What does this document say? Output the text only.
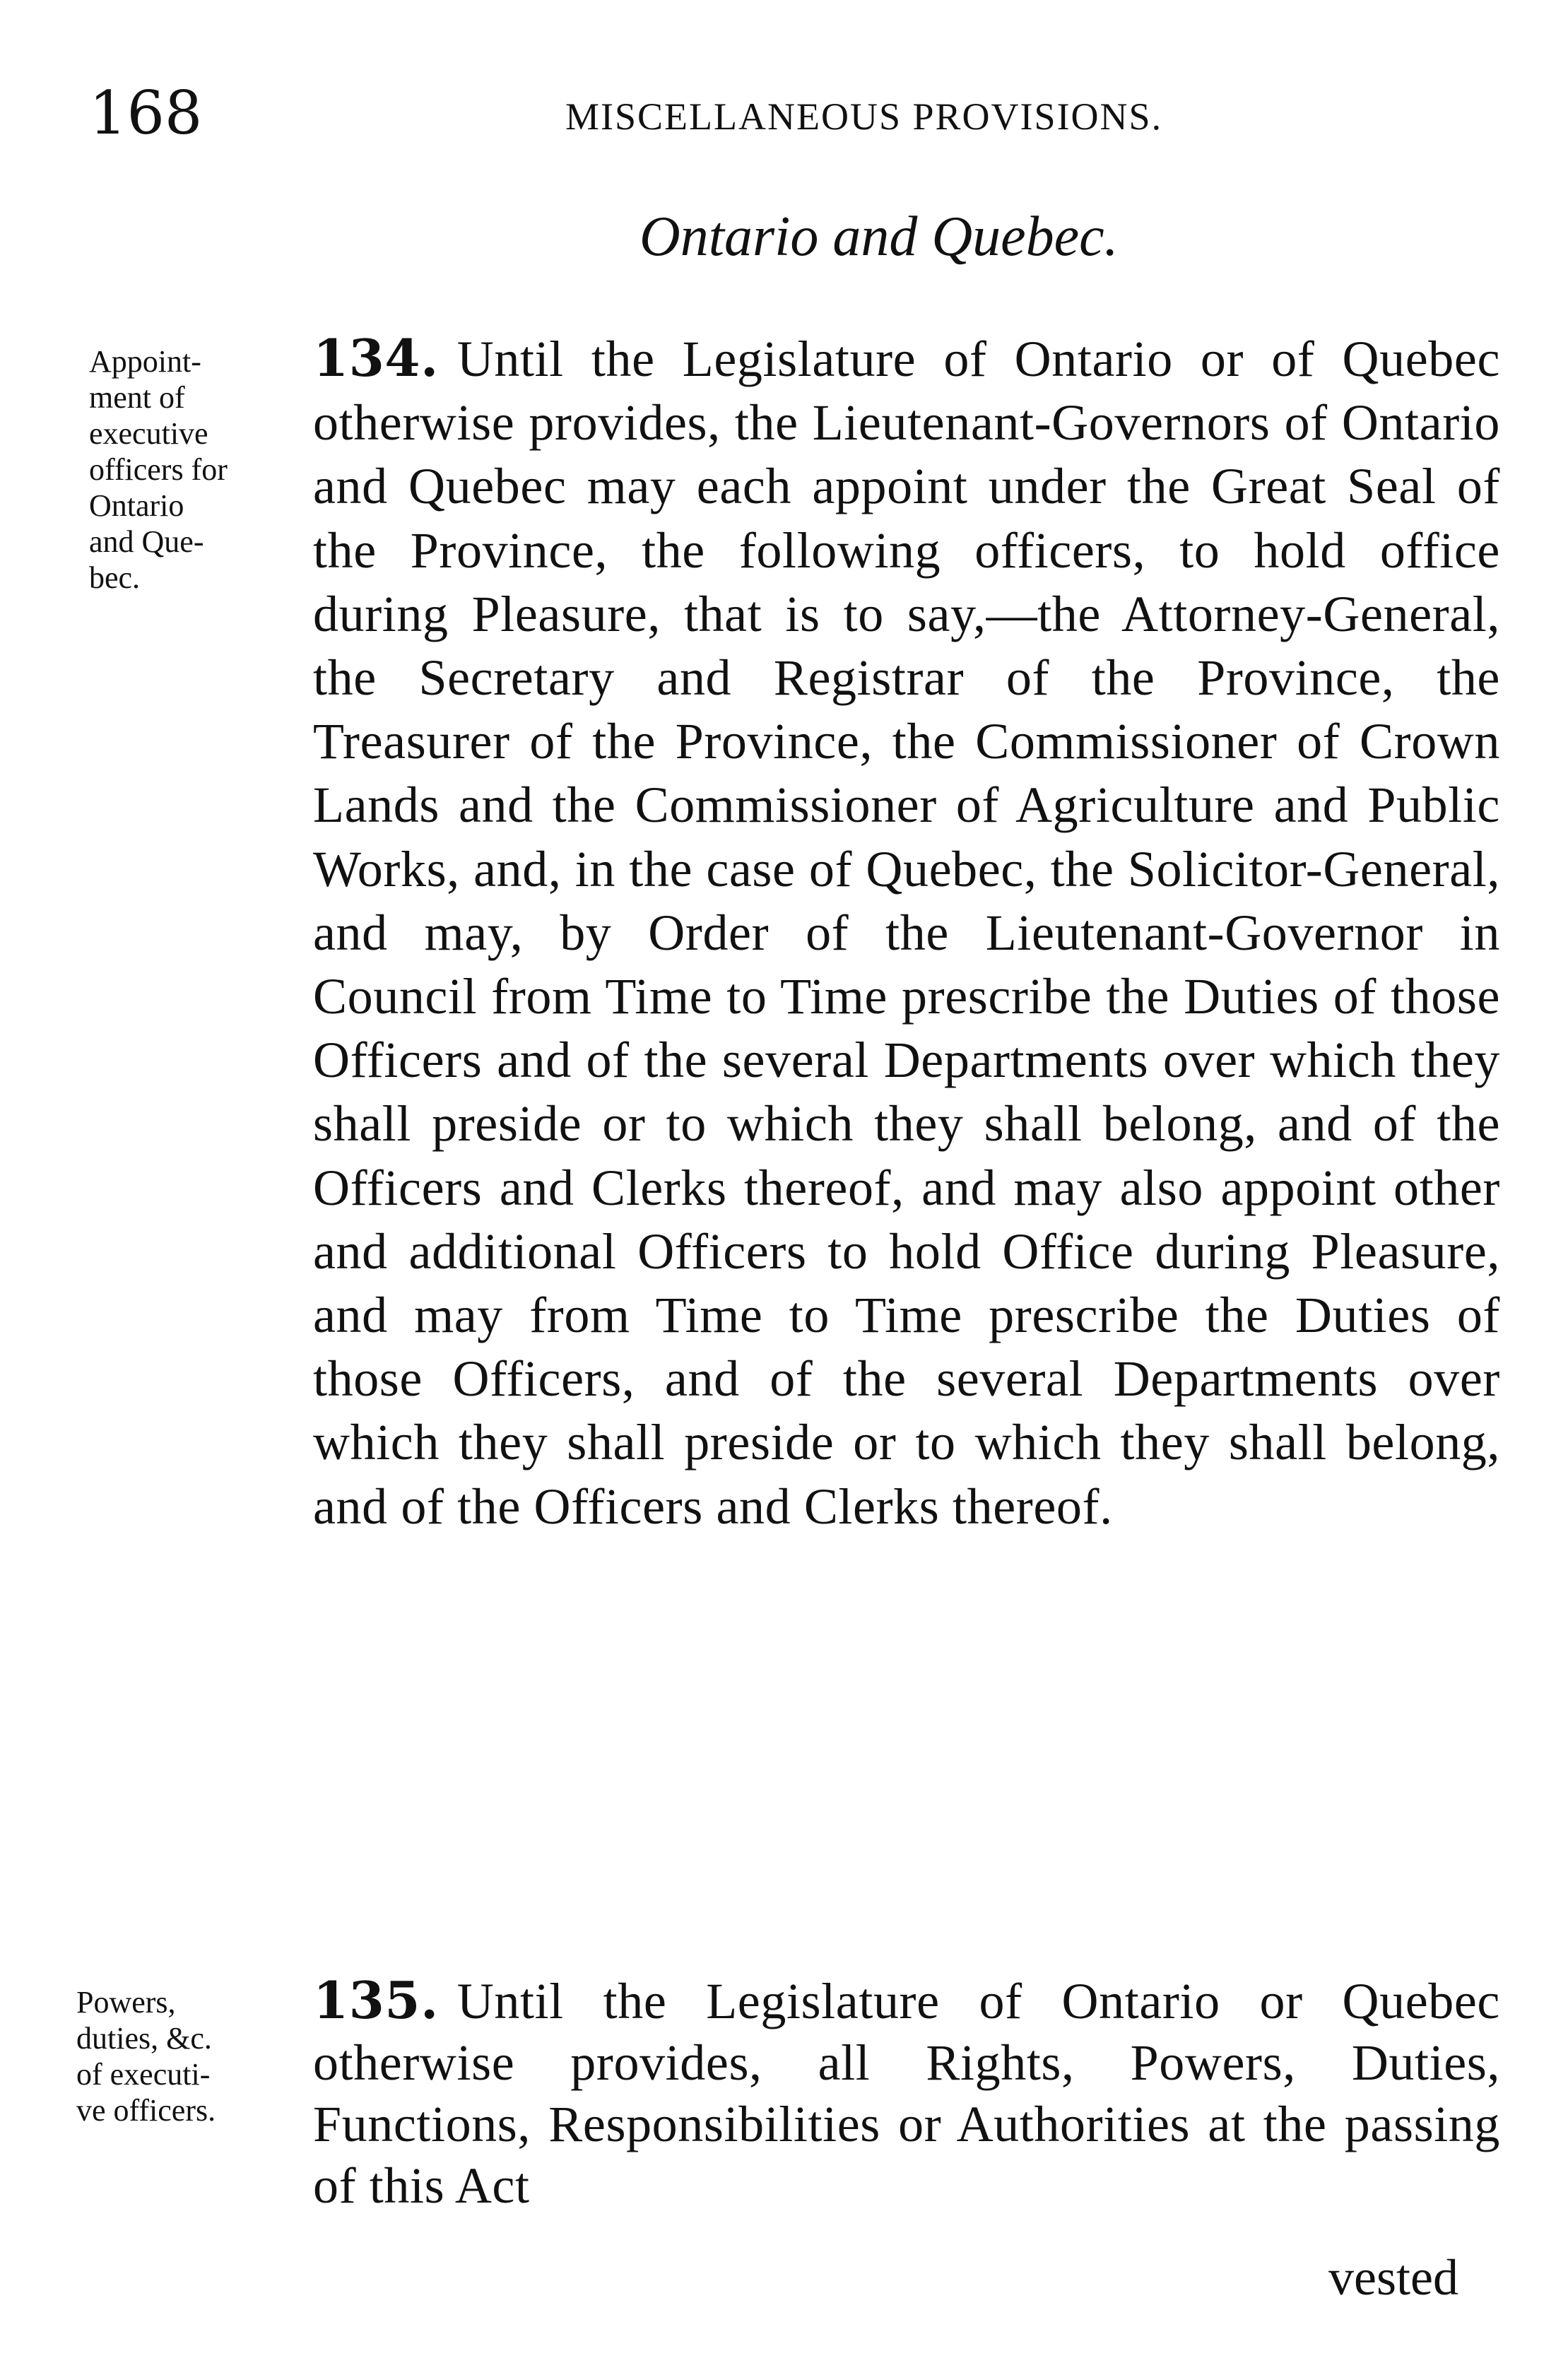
168	MISCELLANEOUS PROVISIONS.
Ontario and Quebec.
Appoint-
ment of
executive
officers for
Ontario
and Que-
bec.
134. Until the Legislature of Ontario or of Quebec otherwise provides, the Lieutenant-Governors of Ontario and Quebec may each appoint under the Great Seal of the Province, the following officers, to hold office during Pleasure, that is to say,—the Attorney-General, the Secretary and Registrar of the Province, the Treasurer of the Province, the Commissioner of Crown Lands and the Commissioner of Agriculture and Public Works, and, in the case of Quebec, the Solicitor-General, and may, by Order of the Lieutenant-Governor in Council from Time to Time prescribe the Duties of those Officers and of the several Departments over which they shall preside or to which they shall belong, and of the Officers and Clerks thereof, and may also appoint other and additional Officers to hold Office during Pleasure, and may from Time to Time prescribe the Duties of those Officers, and of the several Departments over which they shall preside or to which they shall belong, and of the Officers and Clerks thereof.
Powers,
duties, &c.
of executi-
ve officers.
135. Until the Legislature of Ontario or Quebec otherwise provides, all Rights, Powers, Duties, Functions, Responsibilities or Authorities at the passing of this Act
vested
